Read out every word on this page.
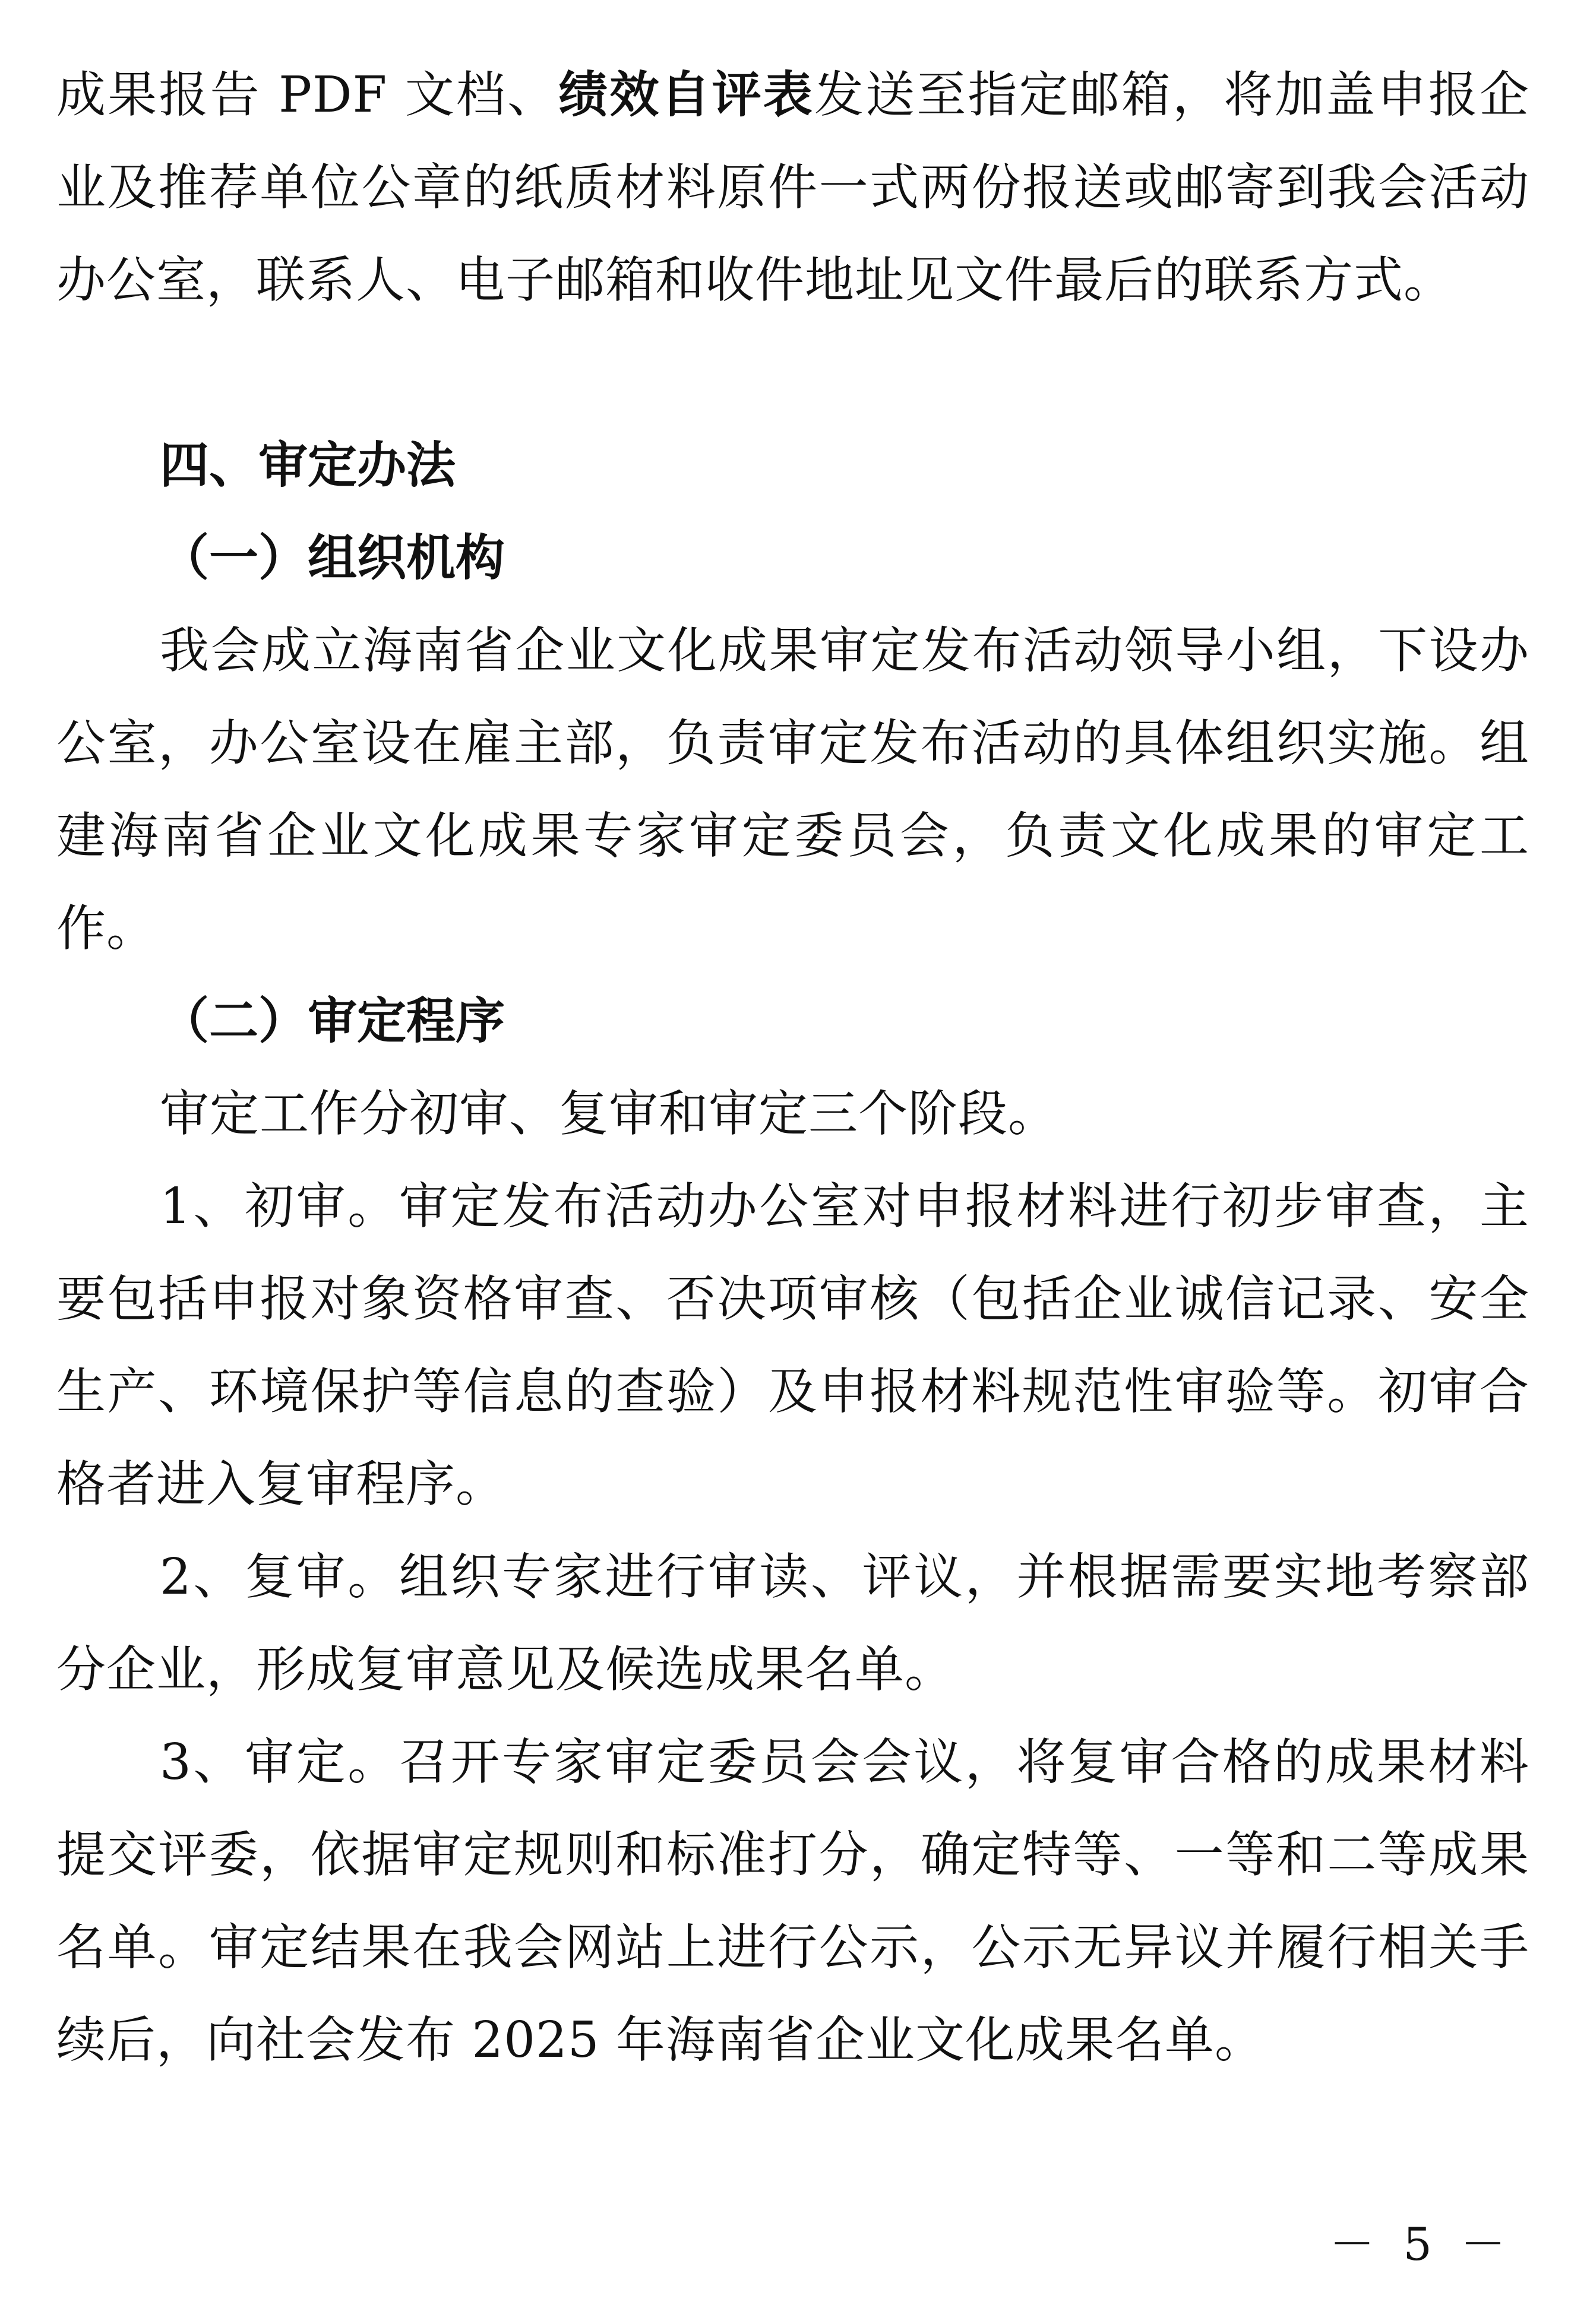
成果报告 PDF 文档、绩效自评表发送至指定邮箱，将加盖申报企业及推荐单位公章的纸质材料原件一式两份报送或邮寄到我会活动办公室，联系人、电子邮箱和收件地址见文件最后的联系方式。

四、审定办法
（一）组织机构

我会成立海南省企业文化成果审定发布活动领导小组，下设办公室，办公室设在雇主部，负责审定发布活动的具体组织实施。组建海南省企业文化成果专家审定委员会，负责文化成果的审定工作。

（二）审定程序

审定工作分初审、复审和审定三个阶段。

1、初审。审定发布活动办公室对申报材料进行初步审查，主要包括申报对象资格审查、否决项审核（包括企业诚信记录、安全生产、环境保护等信息的查验）及申报材料规范性审验等。初审合格者进入复审程序。

2、复审。组织专家进行审读、评议，并根据需要实地考察部分企业，形成复审意见及候选成果名单。

3、审定。召开专家审定委员会会议，将复审合格的成果材料提交评委，依据审定规则和标准打分，确定特等、一等和二等成果名单。审定结果在我会网站上进行公示，公示无异议并履行相关手续后，向社会发布 2025 年海南省企业文化成果名单。

－ 5 －
